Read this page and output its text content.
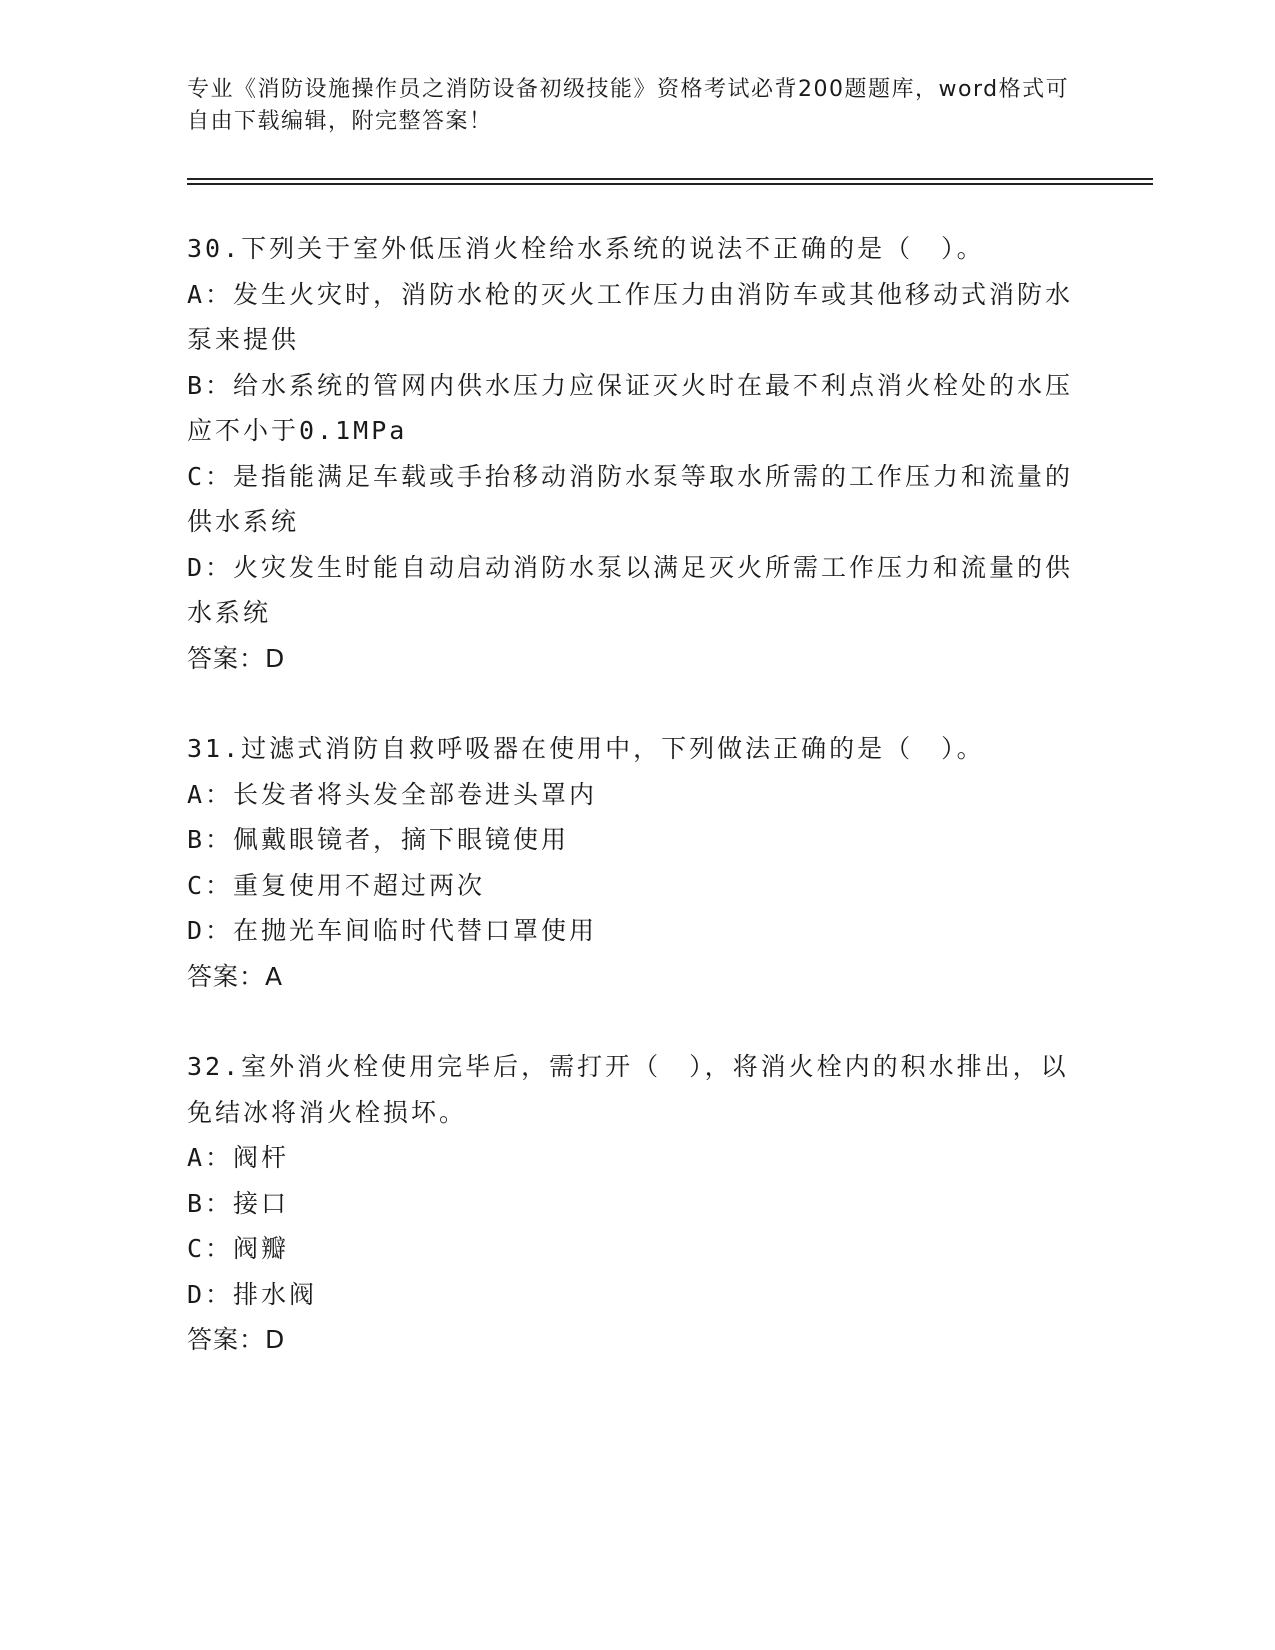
专业《消防设施操作员之消防设备初级技能》资格考试必背200题题库，word格式可自由下载编辑，附完整答案！

30.下列关于室外低压消火栓给水系统的说法不正确的是（　）。

A：发生火灾时，消防水枪的灭火工作压力由消防车或其他移动式消防水泵来提供

B：给水系统的管网内供水压力应保证灭火时在最不利点消火栓处的水压应不小于0.1MPa

C：是指能满足车载或手抬移动消防水泵等取水所需的工作压力和流量的供水系统

D：火灾发生时能自动启动消防水泵以满足灭火所需工作压力和流量的供水系统

答案：D

31.过滤式消防自救呼吸器在使用中，下列做法正确的是（　）。

A：长发者将头发全部卷进头罩内

B：佩戴眼镜者，摘下眼镜使用

C：重复使用不超过两次

D：在抛光车间临时代替口罩使用

答案：A

32.室外消火栓使用完毕后，需打开（　），将消火栓内的积水排出，以免结冰将消火栓损坏。

A：阀杆

B：接口

C：阀瓣

D：排水阀

答案：D
